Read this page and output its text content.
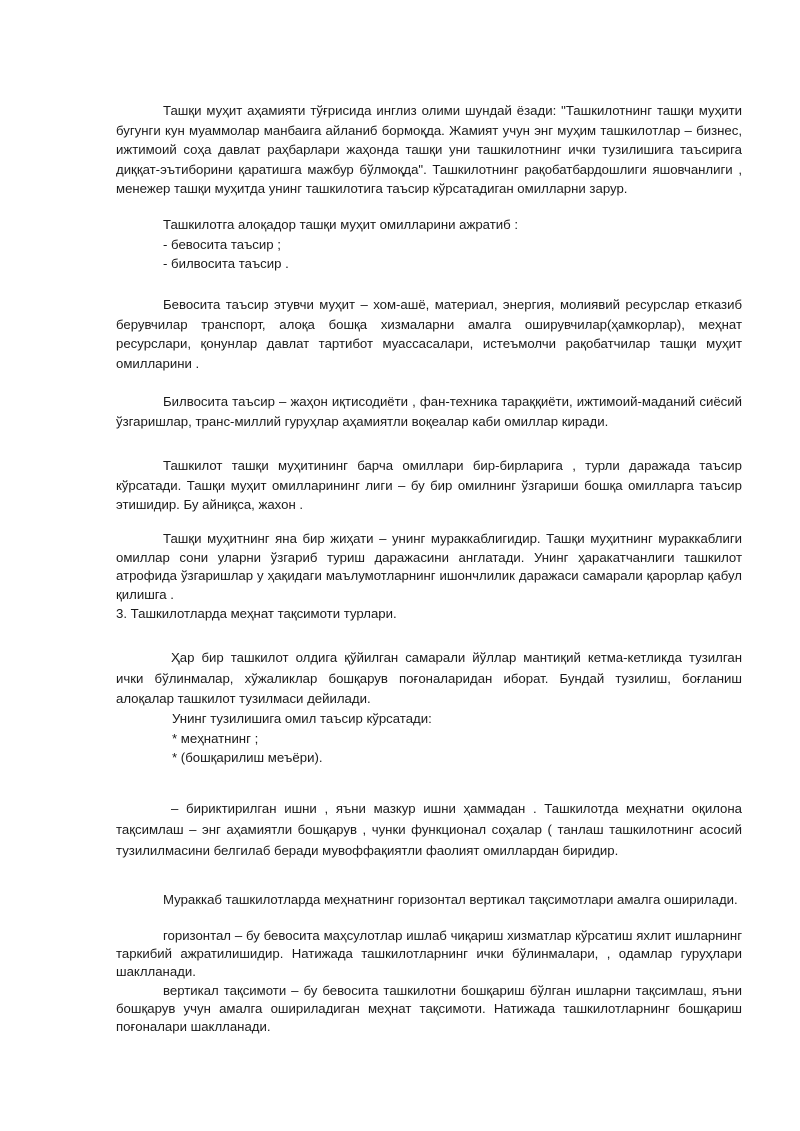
Ташқи муҳит аҳамияти тўғрисида инглиз олими шундай ёзади: "Ташкилотнинг ташқи муҳити бугунги кун муаммолар манбаига айланиб бормоқда. Жамият учун энг муҳим ташкилотлар – бизнес, ижтимоий соҳа давлат раҳбарлари жаҳонда ташқи уни ташкилотнинг ички тузилишига таъсирига диққат-эътиборини қаратишга мажбур бўлмоқда". Ташкилотнинг рақобатбардошлиги яшовчанлиги , менежер ташқи муҳитда унинг ташкилотига таъсир кўрсатадиган омилларни зарур.

Ташкилотга алоқадор ташқи муҳит омилларини ажратиб :
- бевосита таъсир ;
- билвосита таъсир .

Бевосита таъсир этувчи муҳит – хом-ашё, материал, энергия, молиявий ресурслар етказиб берувчилар транспорт, алоқа бошқа хизмаларни амалга оширувчилар(ҳамкорлар), меҳнат ресурслари, қонунлар давлат тартибот муассасалари, истеъмолчи рақобатчилар ташқи муҳит омилларини .

Билвосита таъсир – жаҳон иқтисодиёти , фан-техника тараққиёти, ижтимоий-маданий сиёсий ўзгаришлар, транс-миллий гуруҳлар аҳамиятли воқеалар каби омиллар киради.

Ташкилот ташқи муҳитининг барча омиллари бир-бирларига , турли даражада таъсир кўрсатади. Ташқи муҳит омилларининг лиги – бу бир омилнинг ўзгариши бошқа омилларга таъсир этишидир. Бу айниқса, жахон .

Ташқи муҳитнинг яна бир жиҳати – унинг мураккаблигидир. Ташқи муҳитнинг мураккаблиги омиллар сони уларни ўзгариб туриш даражасини англатади. Унинг ҳаракатчанлиги ташкилот атрофида ўзгаришлар у ҳақидаги маълумотларнинг ишончлилик даражаси самарали қарорлар қабул қилишга .

3. Ташкилотларда меҳнат тақсимоти турлари.

Ҳар бир ташкилот олдига қўйилган самарали йўллар мантиқий кетма-кетликда тузилган ички бўлинмалар, хўжаликлар бошқарув поғоналаридан иборат. Бундай тузилиш, боғланиш алоқалар ташкилот тузилмаси дейилади.

Унинг тузилишига омил таъсир кўрсатади:
* меҳнатнинг ;
* (бошқарилиш меъёри).

– бириктирилган ишни , яъни мазкур ишни ҳаммадан . Ташкилотда меҳнатни оқилона тақсимлаш – энг аҳамиятли бошқарув , чунки функционал соҳалар ( танлаш ташкилотнинг асосий тузилилмасини белгилаб беради мувоффақиятли фаолият омиллардан биридир.

Мураккаб ташкилотларда меҳнатнинг горизонтал вертикал тақсимотлари амалга оширилади.

горизонтал – бу бевосита маҳсулотлар ишлаб чиқариш хизматлар кўрсатиш яхлит ишларнинг таркибий ажратилишидир. Натижада ташкилотларнинг ички бўлинмалари, , одамлар гуруҳлари шаклланади.

вертикал тақсимоти – бу бевосита ташкилотни бошқариш бўлган ишларни тақсимлаш, яъни бошқарув учун амалга ошириладиган меҳнат тақсимоти. Натижада ташкилотларнинг бошқариш поғоналари шаклланади.
